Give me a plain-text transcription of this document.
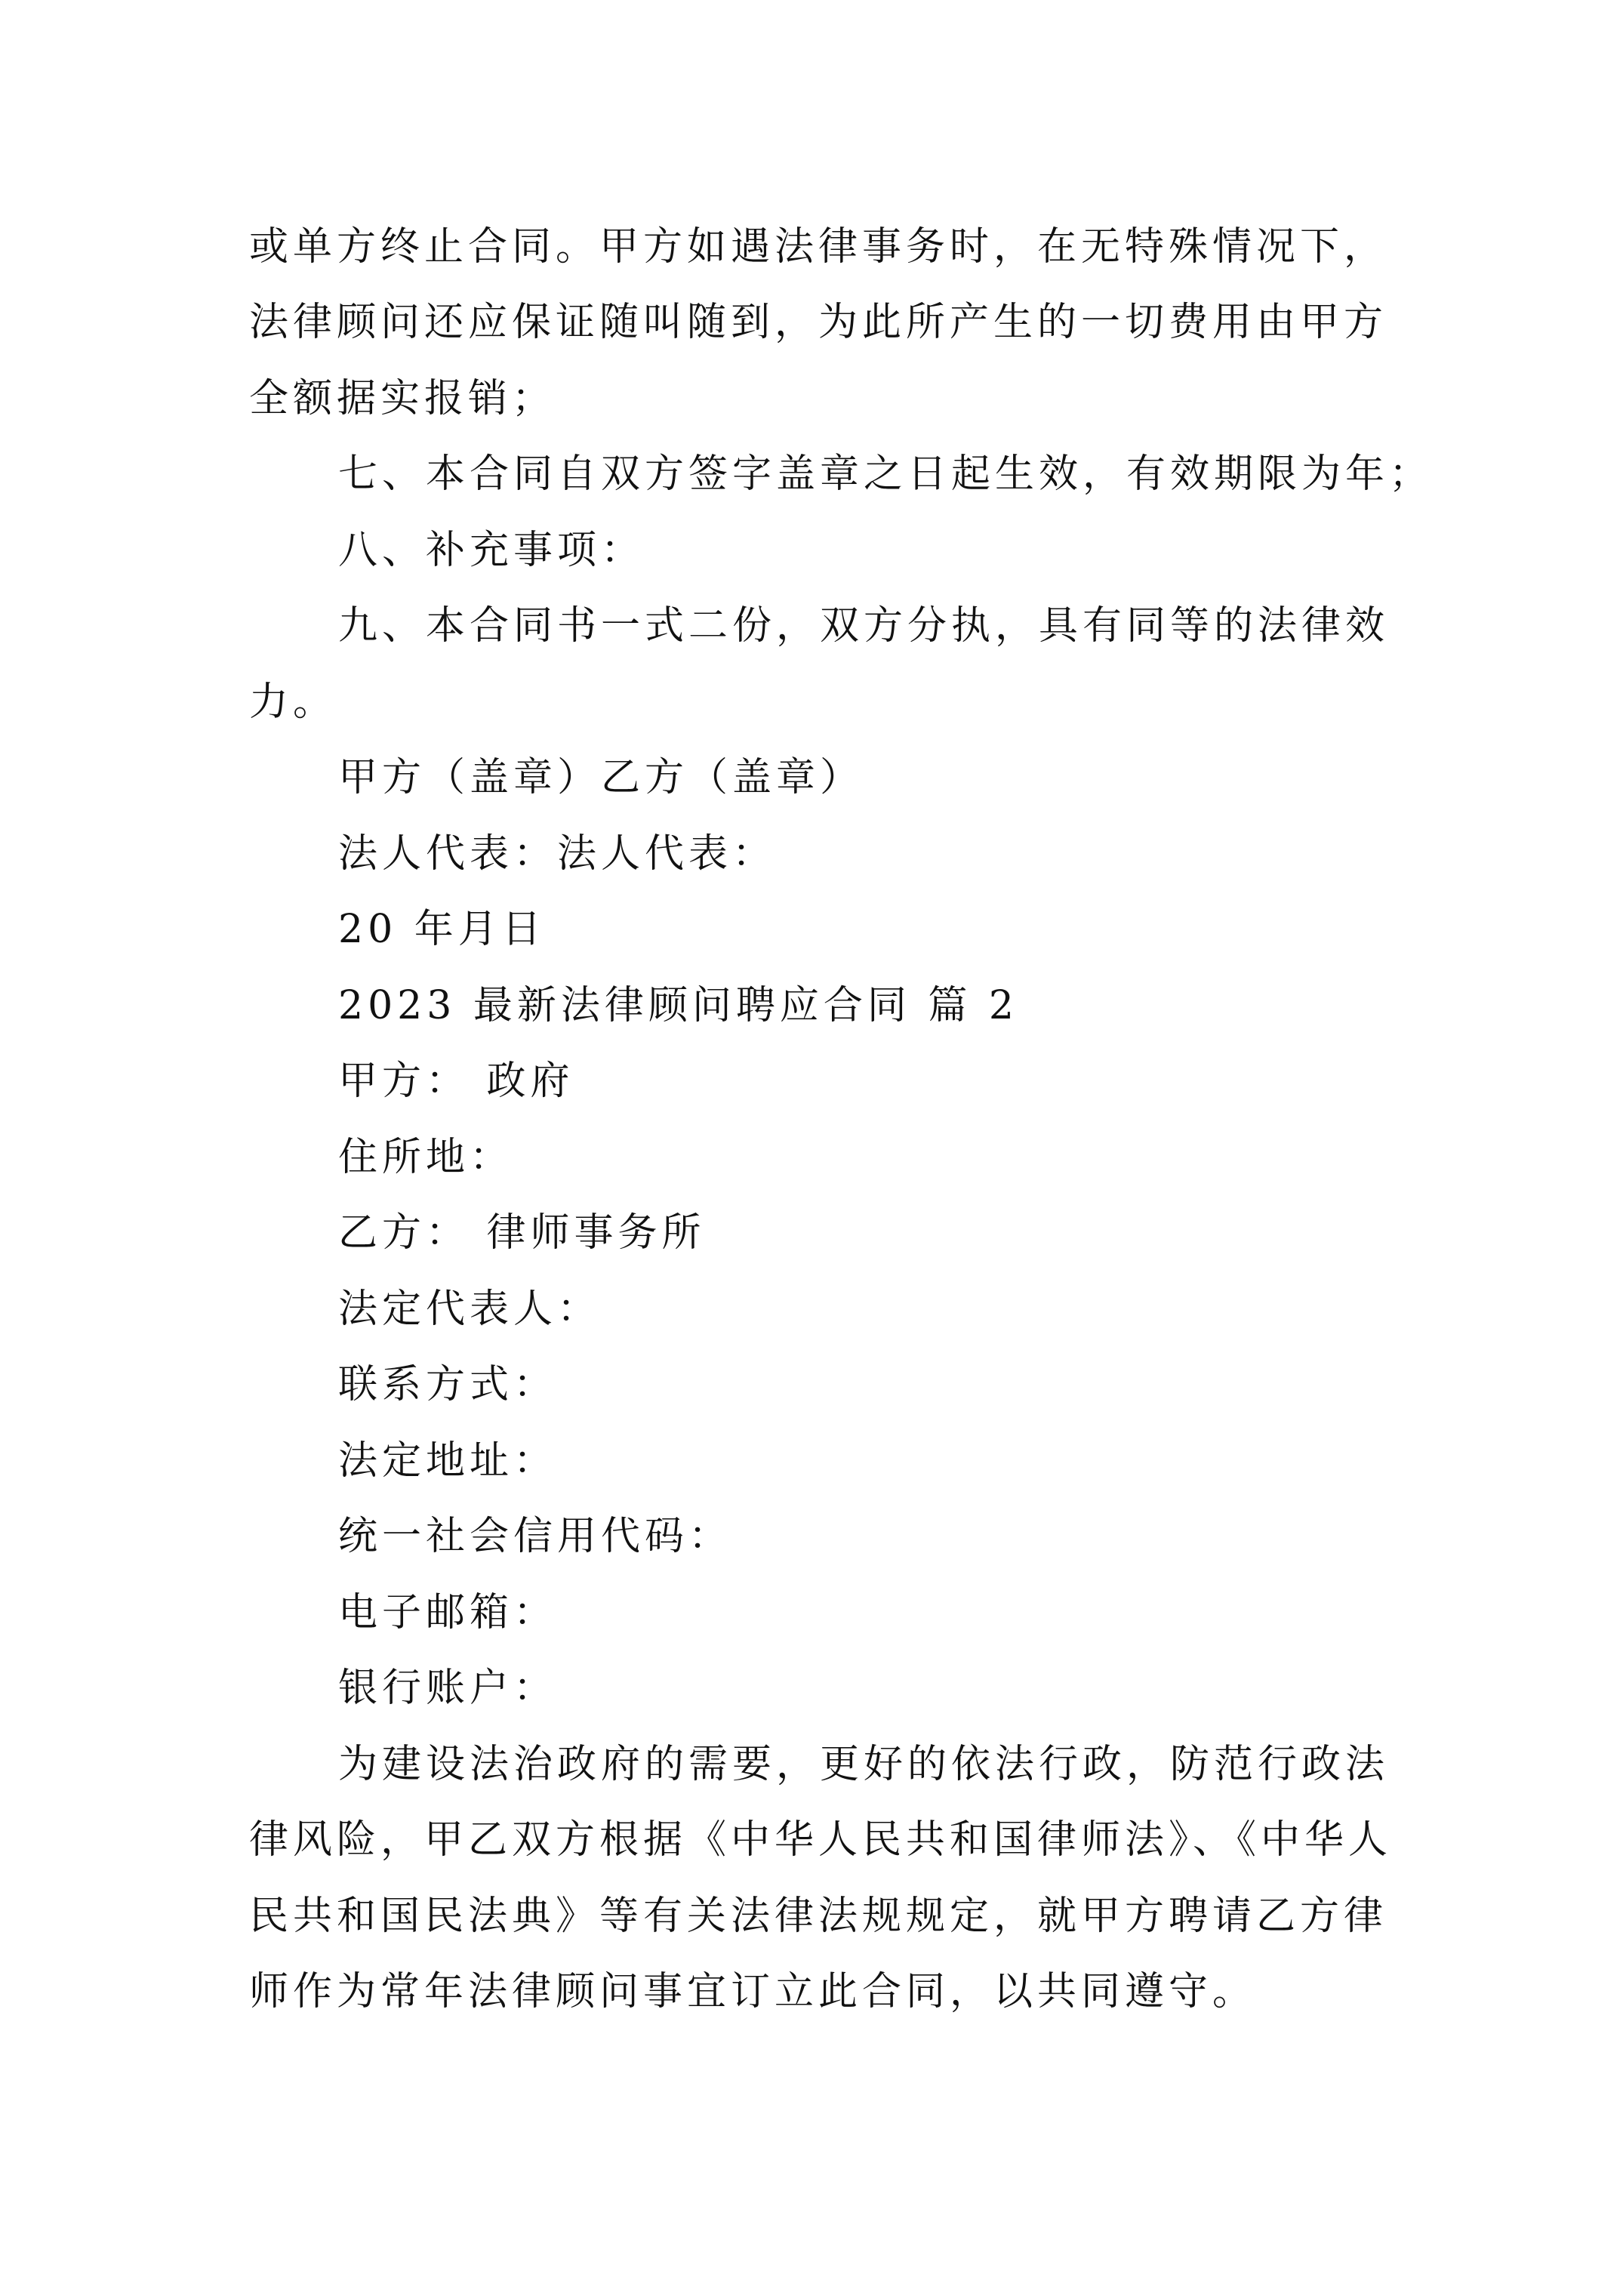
或单方终止合同。甲方如遇法律事务时，在无特殊情况下，
法律顾问还应保证随叫随到，为此所产生的一切费用由甲方
全额据实报销；
七、本合同自双方签字盖章之日起生效，有效期限为年；
八、补充事项：
九、本合同书一式二份，双方分执，具有同等的法律效
力。
甲方（盖章）乙方（盖章）
法人代表：法人代表：
20 年月日
2023 最新法律顾问聘应合同 篇 2
甲方： 政府
住所地：
乙方： 律师事务所
法定代表人：
联系方式：
法定地址：
统一社会信用代码：
电子邮箱：
银行账户：
为建设法治政府的需要，更好的依法行政，防范行政法
律风险，甲乙双方根据《中华人民共和国律师法》、《中华人
民共和国民法典》等有关法律法规规定，就甲方聘请乙方律
师作为常年法律顾问事宜订立此合同，以共同遵守。
